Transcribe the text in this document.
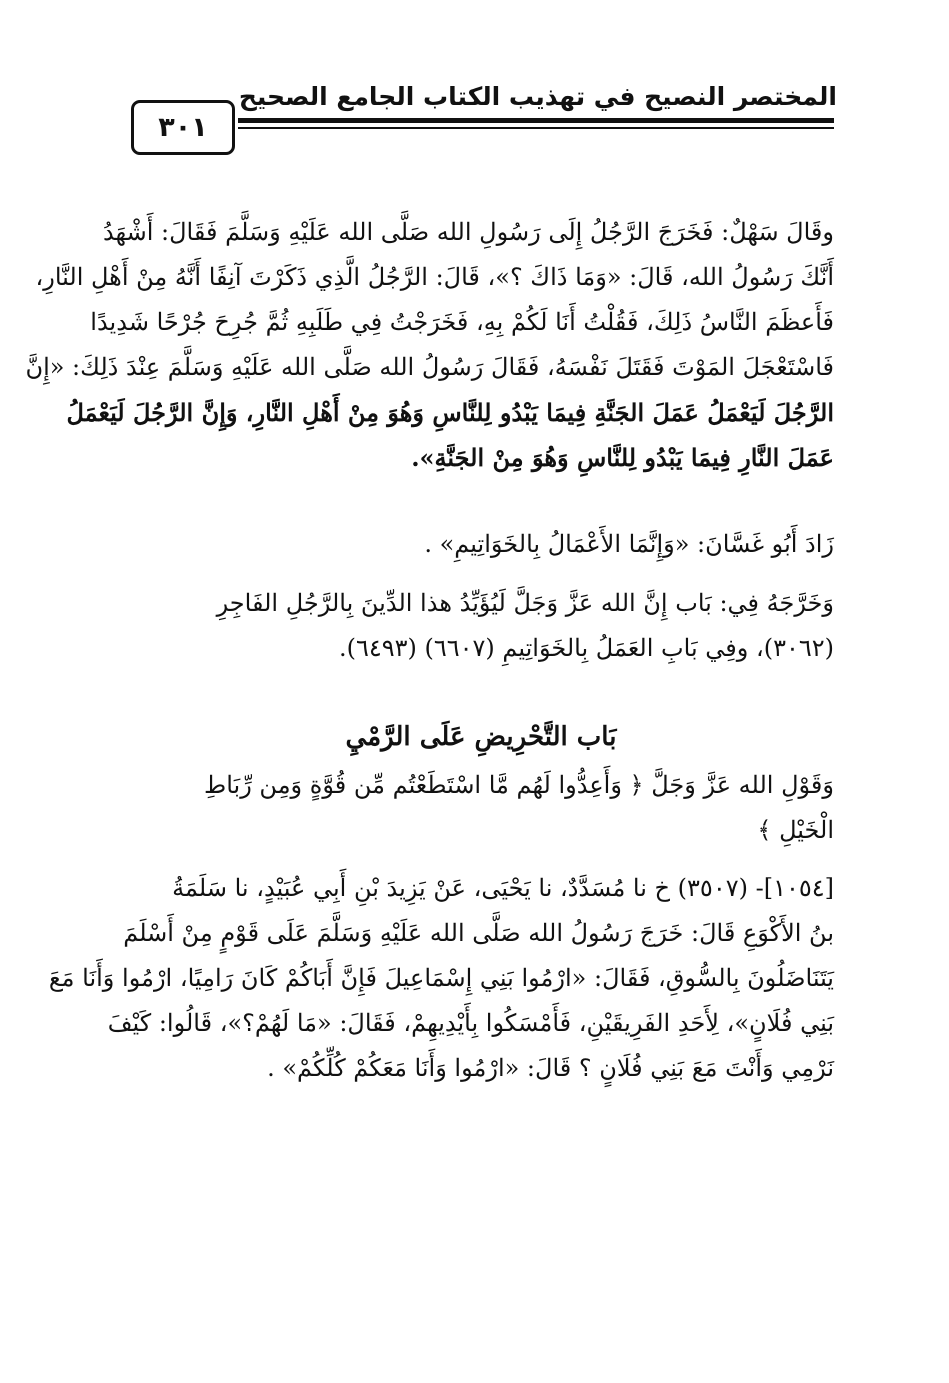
المختصر النصيح في تهذيب الكتاب الجامع الصحيح
٣٠١
وقَالَ سَهْلٌ: فَخَرَجَ الرَّجُلُ إِلَى رَسُولِ الله صَلَّى الله عَلَيْهِ وَسَلَّمَ فَقَالَ: أَشْهَدُ
أَنَّكَ رَسُولُ الله، قَالَ: «وَمَا ذَاكَ ؟»، قَالَ: الرَّجُلُ الَّذِي ذَكَرْتَ آنِفًا أَنَّهُ مِنْ أَهْلِ النَّارِ،
فَأَعظَمَ النَّاسُ ذَلِكَ، فَقُلْتُ أَنَا لَكُمْ بِهِ، فَخَرَجْتُ فِي طَلَبِهِ ثُمَّ جُرِحَ جُرْحًا شَدِيدًا
فَاسْتَعْجَلَ المَوْتَ فَقَتَلَ نَفْسَهُ، فَقَالَ رَسُولُ الله صَلَّى الله عَلَيْهِ وَسَلَّمَ عِنْدَ ذَلِكَ: «إِنَّ
الرَّجُلَ لَيَعْمَلُ عَمَلَ الجَنَّةِ فِيمَا يَبْدُو لِلنَّاسِ وَهُوَ مِنْ أَهْلِ النَّارِ، وَإِنَّ الرَّجُلَ لَيَعْمَلُ
عَمَلَ النَّارِ فِيمَا يَبْدُو لِلنَّاسِ وَهُوَ مِنْ الجَنَّةِ».
زَادَ أَبُو غَسَّانَ: «وَإِنَّمَا الأَعْمَالُ بِالخَوَاتِيمِ» .
وَخَرَّجَهُ فِي: بَاب إِنَّ الله عَزَّ وَجَلَّ لَيُؤَيِّدُ هذا الدِّينَ بِالرَّجُلِ الفَاجِرِ
(٣٠٦٢)، وفِي بَابِ العَمَلُ بِالخَوَاتِيمِ (٦٦٠٧) (٦٤٩٣).
بَاب التَّحْرِيضِ عَلَى الرَّمْيِ
وَقَوْلِ الله عَزَّ وَجَلَّ ﴿ وَأَعِدُّوا لَهُم مَّا اسْتَطَعْتُم مِّن قُوَّةٍ وَمِن رِّبَاطِ
الْخَيْلِ ﴾
[١٠٥٤]- (٣٥٠٧) خ نا مُسَدَّدٌ، نا يَحْيَى، عَنْ يَزِيدَ بْنِ أَبِي عُبَيْدٍ، نا سَلَمَةُ
بنُ الأَكْوَعِ قَالَ: خَرَجَ رَسُولُ الله صَلَّى الله عَلَيْهِ وَسَلَّمَ عَلَى قَوْمٍ مِنْ أَسْلَمَ
يَتَنَاضَلُونَ بِالسُّوقِ، فَقَالَ: «ارْمُوا بَنِي إِسْمَاعِيلَ فَإِنَّ أَبَاكُمْ كَانَ رَامِيًا، ارْمُوا وَأَنَا مَعَ
بَنِي فُلَانٍ»، لِأَحَدِ الفَرِيقَيْنِ، فَأَمْسَكُوا بِأَيْدِيهِمْ، فَقَالَ: «مَا لَهُمْ؟»، قَالُوا: كَيْفَ
نَرْمِي وَأَنْتَ مَعَ بَنِي فُلَانٍ ؟ قَالَ: «ارْمُوا وَأَنَا مَعَكُمْ كُلِّكُمْ» .
